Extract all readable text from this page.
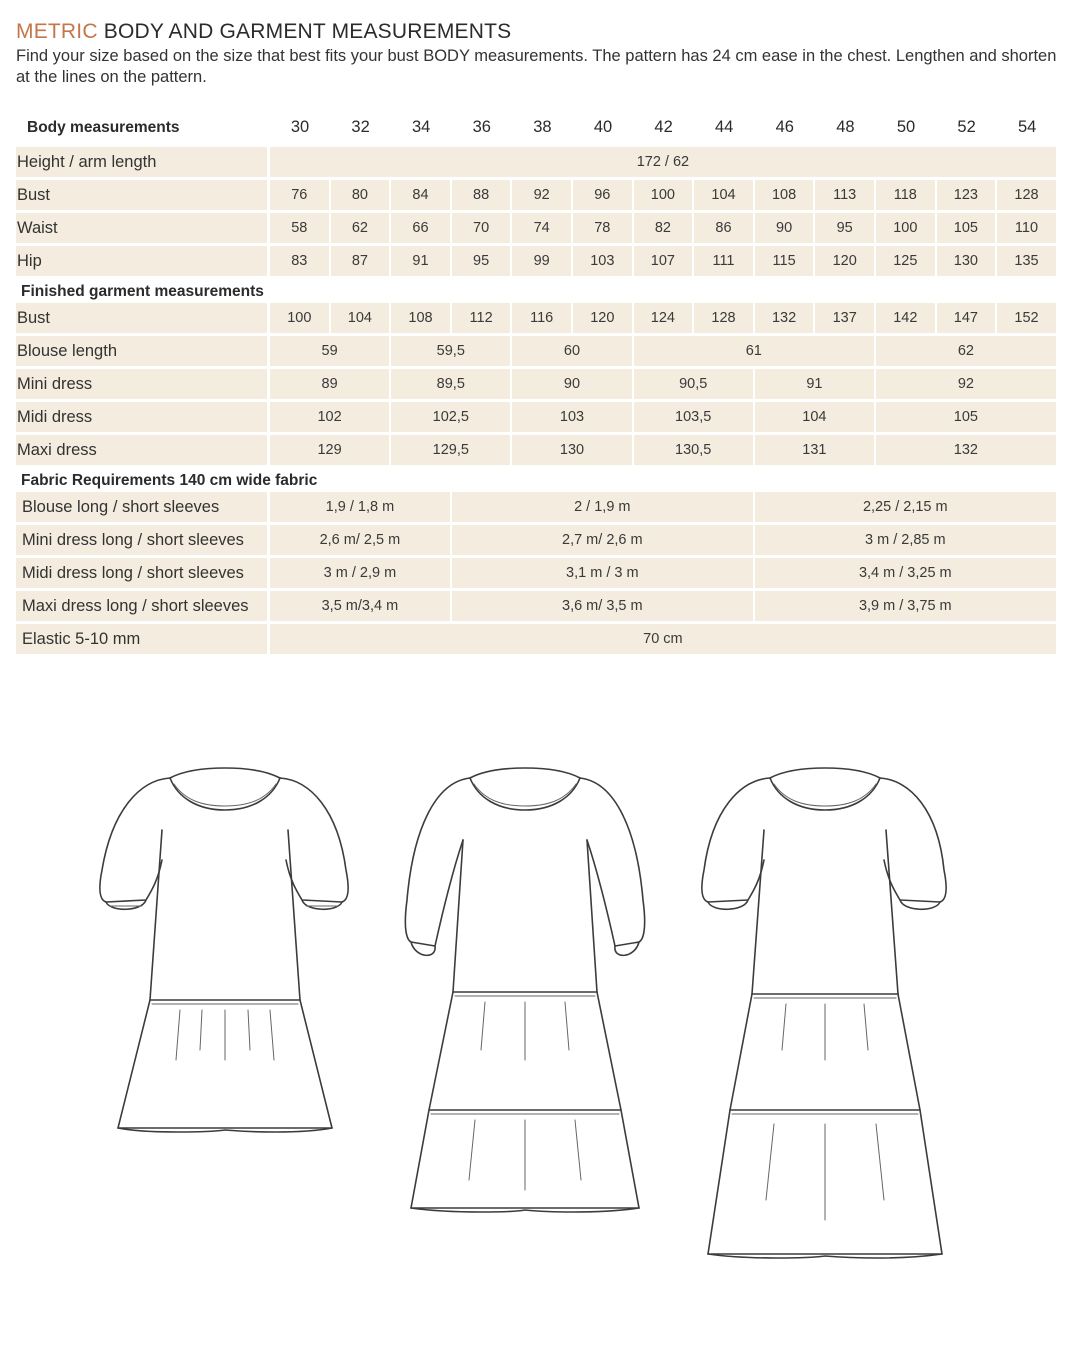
METRIC BODY AND GARMENT MEASUREMENTS
Find your size based on the size that best fits your bust BODY measurements. The pattern has 24 cm ease in the chest. Lengthen and shorten at the lines on the pattern.
Body measurements	30	32	34	36	38	40	42	44	46	48	50	52	54
Height / arm length	172 / 62
Bust	76	80	84	88	92	96	100	104	108	113	118	123	128
Waist	58	62	66	70	74	78	82	86	90	95	100	105	110
Hip	83	87	91	95	99	103	107	111	115	120	125	130	135
Finished garment measurements
Bust	100	104	108	112	116	120	124	128	132	137	142	147	152
Blouse length	59	59,5	60	61	62
Mini dress	89	89,5	90	90,5	91	92
Midi dress	102	102,5	103	103,5	104	105
Maxi dress	129	129,5	130	130,5	131	132
Fabric Requirements 140 cm wide fabric
Blouse long / short sleeves	1,9 / 1,8 m	2 / 1,9 m	2,25 / 2,15 m
Mini dress long / short sleeves	2,6 m/ 2,5 m	2,7 m/ 2,6 m	3 m / 2,85 m
Midi dress long / short sleeves	3 m / 2,9 m	3,1 m / 3 m	3,4 m / 3,25 m
Maxi dress long / short sleeves	3,5 m/3,4 m	3,6 m/ 3,5 m	3,9 m / 3,75 m
Elastic 5-10 mm	70 cm
